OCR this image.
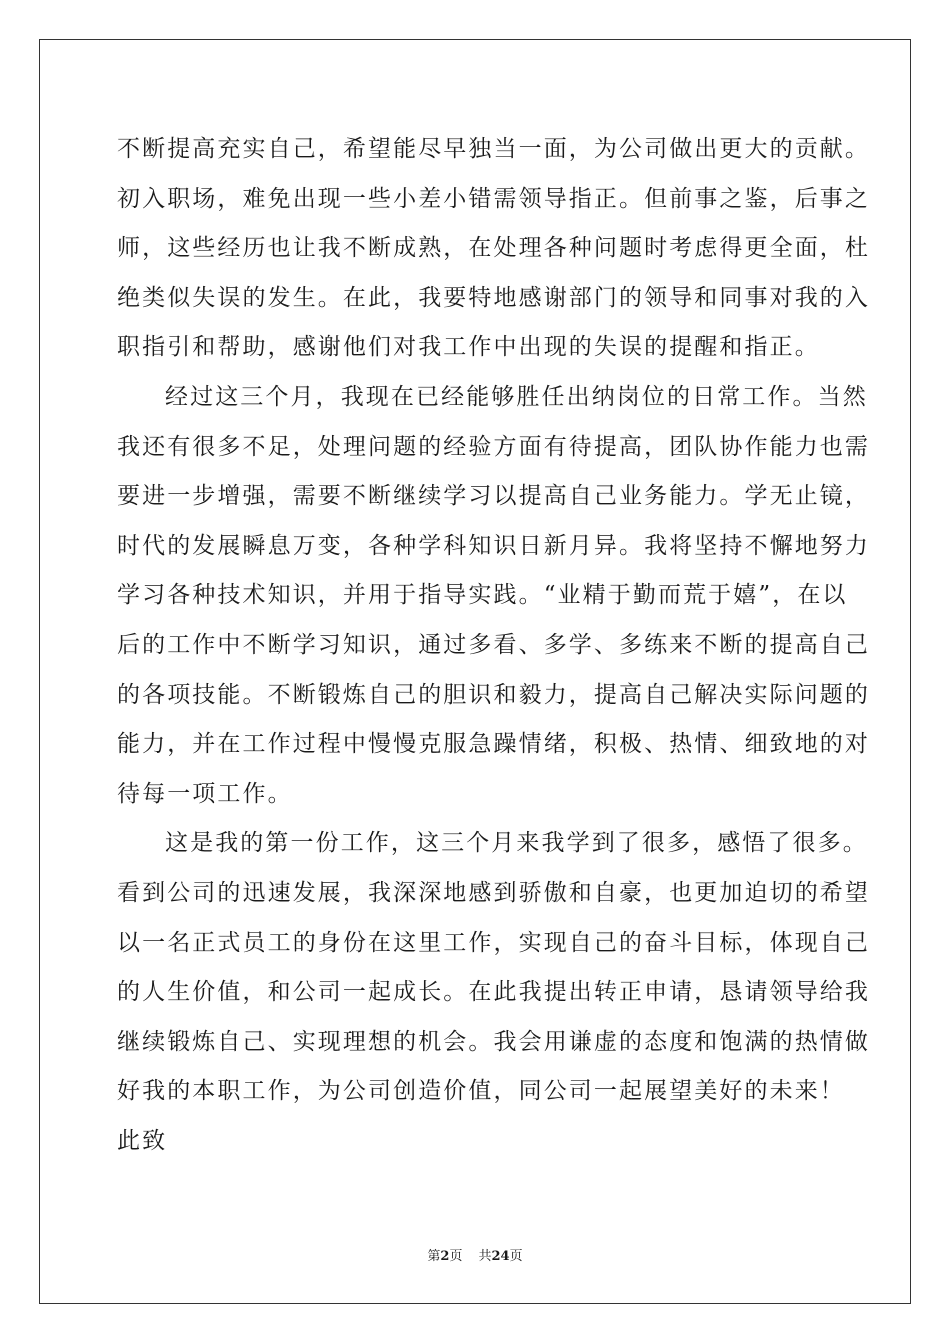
不断提高充实自己，希望能尽早独当一面，为公司做出更大的贡献。
初入职场，难免出现一些小差小错需领导指正。但前事之鉴，后事之
师，这些经历也让我不断成熟，在处理各种问题时考虑得更全面，杜
绝类似失误的发生。在此，我要特地感谢部门的领导和同事对我的入
职指引和帮助，感谢他们对我工作中出现的失误的提醒和指正。
经过这三个月，我现在已经能够胜任出纳岗位的日常工作。当然
我还有很多不足，处理问题的经验方面有待提高，团队协作能力也需
要进一步增强，需要不断继续学习以提高自己业务能力。学无止镜，
时代的发展瞬息万变，各种学科知识日新月异。我将坚持不懈地努力
学习各种技术知识，并用于指导实践。“业精于勤而荒于嬉”，在以
后的工作中不断学习知识，通过多看、多学、多练来不断的提高自己
的各项技能。不断锻炼自己的胆识和毅力，提高自己解决实际问题的
能力，并在工作过程中慢慢克服急躁情绪，积极、热情、细致地的对
待每一项工作。
这是我的第一份工作，这三个月来我学到了很多，感悟了很多。
看到公司的迅速发展，我深深地感到骄傲和自豪，也更加迫切的希望
以一名正式员工的身份在这里工作，实现自己的奋斗目标，体现自己
的人生价值，和公司一起成长。在此我提出转正申请，恳请领导给我
继续锻炼自己、实现理想的机会。我会用谦虚的态度和饱满的热情做
好我的本职工作，为公司创造价值，同公司一起展望美好的未来！
此致
第2页 共24页
